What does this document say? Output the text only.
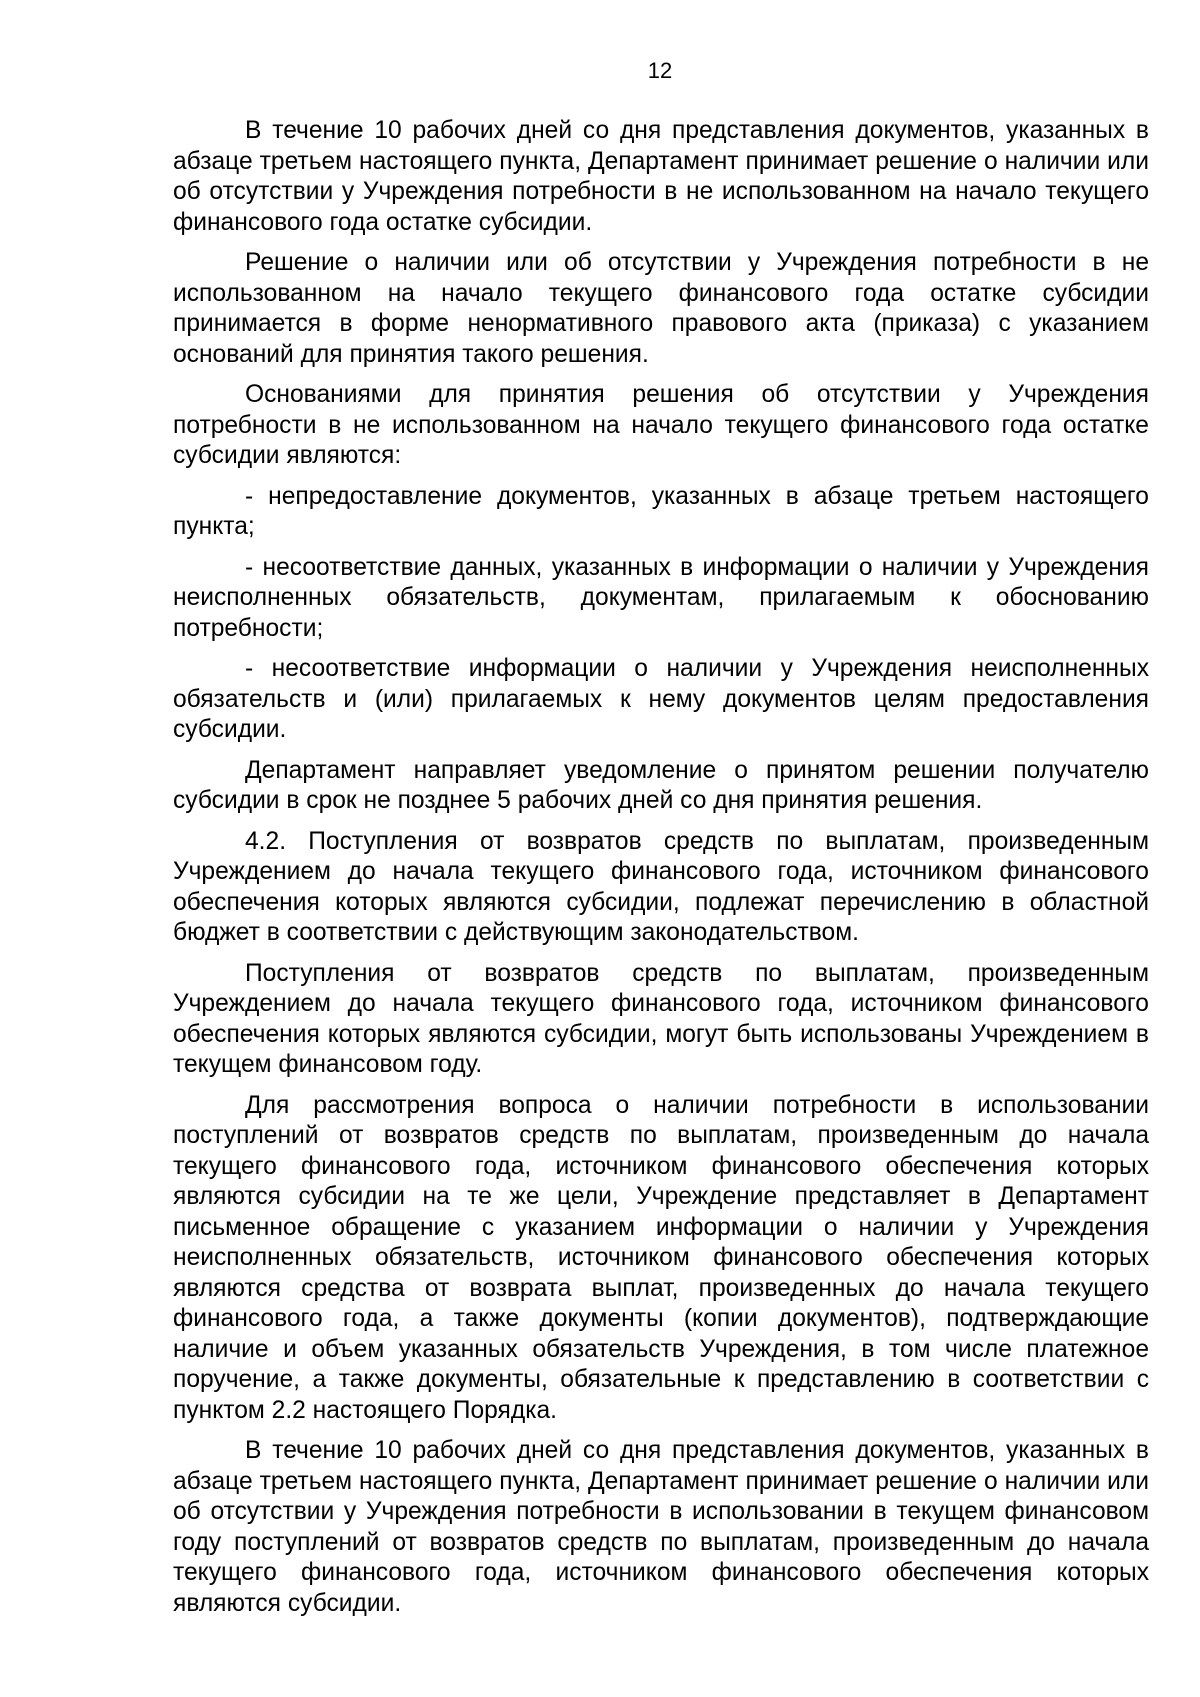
12

В течение 10 рабочих дней со дня представления документов, указанных в абзаце третьем настоящего пункта, Департамент принимает решение о наличии или об отсутствии у Учреждения потребности в не использованном на начало текущего финансового года остатке субсидии.

Решение о наличии или об отсутствии у Учреждения потребности в не использованном на начало текущего финансового года остатке субсидии принимается в форме ненормативного правового акта (приказа) с указанием оснований для принятия такого решения.

Основаниями для принятия решения об отсутствии у Учреждения потребности в не использованном на начало текущего финансового года остатке субсидии являются:

- непредоставление документов, указанных в абзаце третьем настоящего пункта;

- несоответствие данных, указанных в информации о наличии у Учреждения неисполненных обязательств, документам, прилагаемым к обоснованию потребности;

- несоответствие информации о наличии у Учреждения неисполненных обязательств и (или) прилагаемых к нему документов целям предоставления субсидии.

Департамент направляет уведомление о принятом решении получателю субсидии в срок не позднее 5 рабочих дней со дня принятия решения.

4.2. Поступления от возвратов средств по выплатам, произведенным Учреждением до начала текущего финансового года, источником финансового обеспечения которых являются субсидии, подлежат перечислению в областной бюджет в соответствии с действующим законодательством.

Поступления от возвратов средств по выплатам, произведенным Учреждением до начала текущего финансового года, источником финансового обеспечения которых являются субсидии, могут быть использованы Учреждением в текущем финансовом году.

Для рассмотрения вопроса о наличии потребности в использовании поступлений от возвратов средств по выплатам, произведенным до начала текущего финансового года, источником финансового обеспечения которых являются субсидии на те же цели, Учреждение представляет в Департамент письменное обращение с указанием информации о наличии у Учреждения неисполненных обязательств, источником финансового обеспечения которых являются средства от возврата выплат, произведенных до начала текущего финансового года, а также документы (копии документов), подтверждающие наличие и объем указанных обязательств Учреждения, в том числе платежное поручение, а также документы, обязательные к представлению в соответствии с пунктом 2.2 настоящего Порядка.

В течение 10 рабочих дней со дня представления документов, указанных в абзаце третьем настоящего пункта, Департамент принимает решение о наличии или об отсутствии у Учреждения потребности в использовании в текущем финансовом году поступлений от возвратов средств по выплатам, произведенным до начала текущего финансового года, источником финансового обеспечения которых являются субсидии.
